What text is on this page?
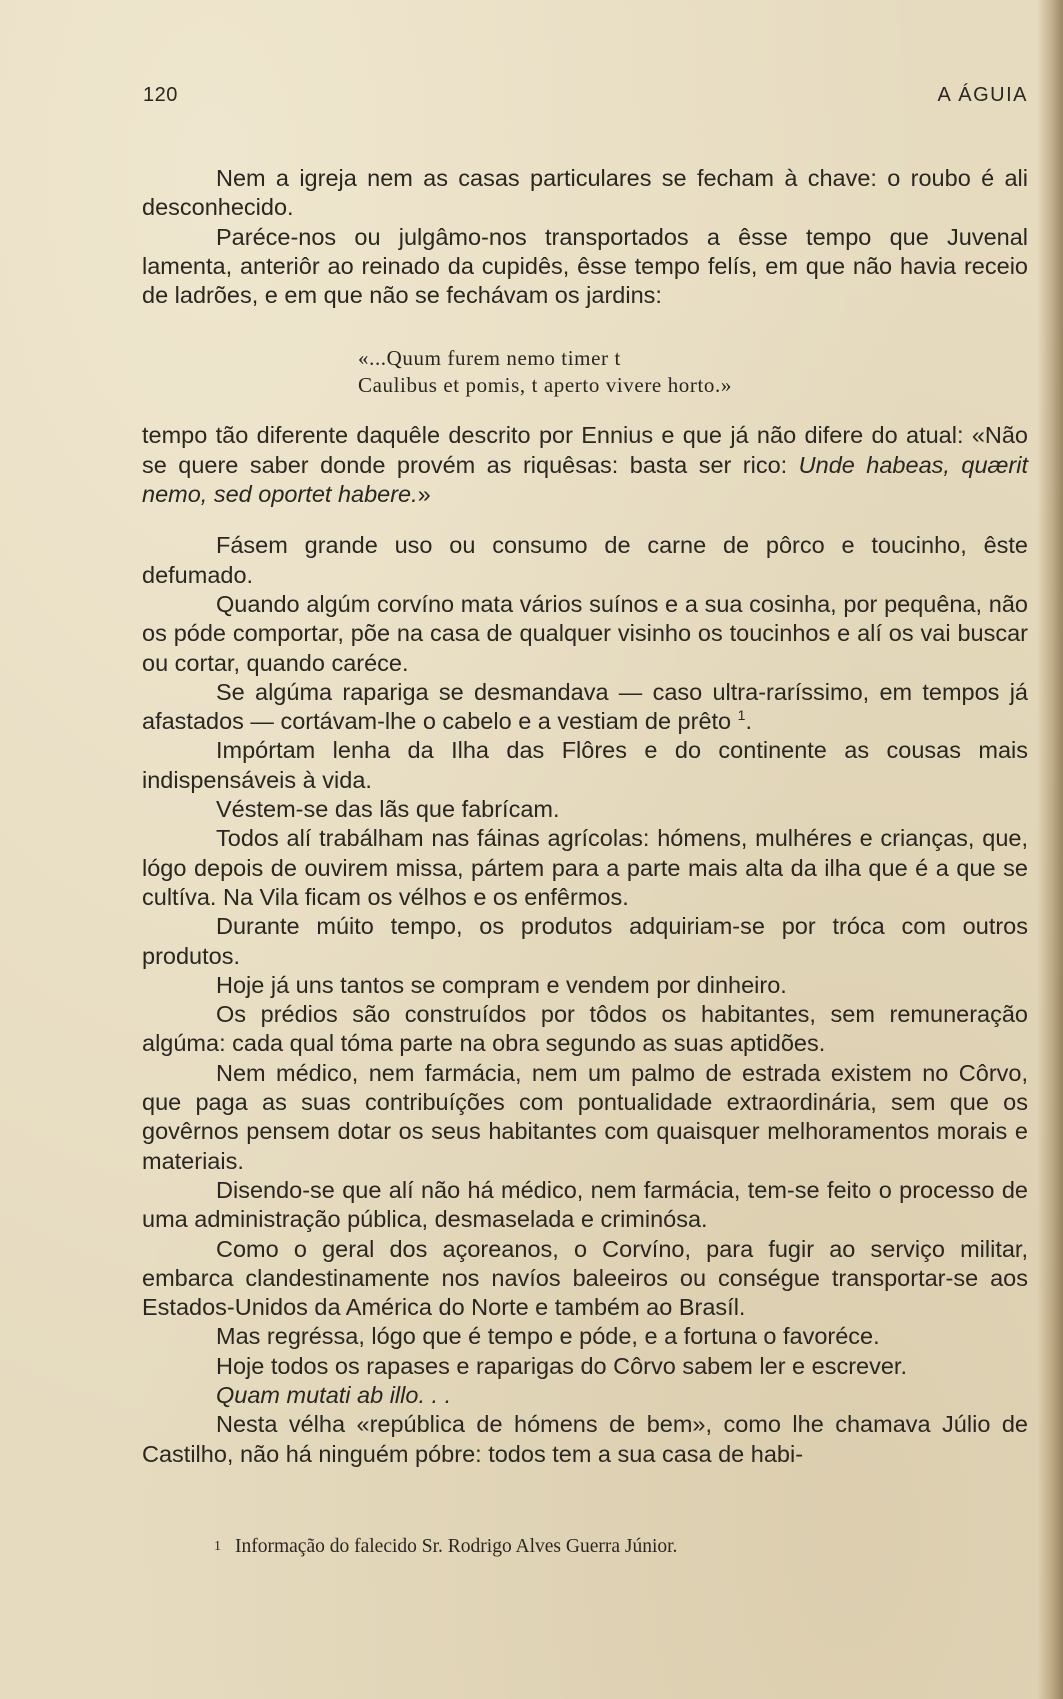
120	A ÁGUIA

Nem a igreja nem as casas particulares se fecham à chave: o roubo é ali desconhecido.

Paréce-nos ou julgâmo-nos transportados a êsse tempo que Juvenal lamenta, anteriôr ao reinado da cupidês, êsse tempo felís, em que não havia receio de ladrões, e em que não se fechávam os jardins:

«...Quum furem nemo timer t
Caulibus et pomis, t aperto vivere horto.»

tempo tão diferente daquêle descrito por Ennius e que já não difere do atual: «Não se quere saber donde provém as riquêsas: basta ser rico: Unde habeas, quærit nemo, sed oportet habere.»

Fásem grande uso ou consumo de carne de pôrco e toucinho, êste defumado.

Quando algúm corvíno mata vários suínos e a sua cosinha, por pequêna, não os póde comportar, põe na casa de qualquer visinho os toucinhos e alí os vai buscar ou cortar, quando caréce.

Se algúma rapariga se desmandava — caso ultra-raríssimo, em tempos já afastados — cortávam-lhe o cabelo e a vestiam de prêto $^1$.

Impórtam lenha da Ilha das Flôres e do continente as cousas mais indispensáveis à vida.

Véstem-se das lãs que fabrícam.

Todos alí trabálham nas fáinas agrícolas: hómens, mulhéres e crianças, que, lógo depois de ouvirem missa, pártem para a parte mais alta da ilha que é a que se cultíva. Na Vila ficam os vélhos e os enfêrmos.

Durante múito tempo, os produtos adquiriam-se por tróca com outros produtos.

Hoje já uns tantos se compram e vendem por dinheiro.

Os prédios são construídos por tôdos os habitantes, sem remuneração algúma: cada qual tóma parte na obra segundo as suas aptidões.

Nem médico, nem farmácia, nem um palmo de estrada existem no Côrvo, que paga as suas contribuíções com pontualidade extraordinária, sem que os govêrnos pensem dotar os seus habitantes com quaisquer melhoramentos morais e materiais.

Disendo-se que alí não há médico, nem farmácia, tem-se feito o processo de uma administração pública, desmaselada e criminósa.

Como o geral dos açoreanos, o Corvíno, para fugir ao serviço militar, embarca clandestinamente nos navíos baleeiros ou conségue transportar-se aos Estados-Unidos da América do Norte e também ao Brasíl.

Mas regréssa, lógo que é tempo e póde, e a fortuna o favoréce.

Hoje todos os rapases e raparigas do Côrvo sabem ler e escrever.

Quam mutati ab illo. . .

Nesta vélha «república de hómens de bem», como lhe chamava Júlio de Castilho, não há ninguém póbre: todos tem a sua casa de habi-

$^1$ Informação do falecido Sr. Rodrigo Alves Guerra Júnior.
